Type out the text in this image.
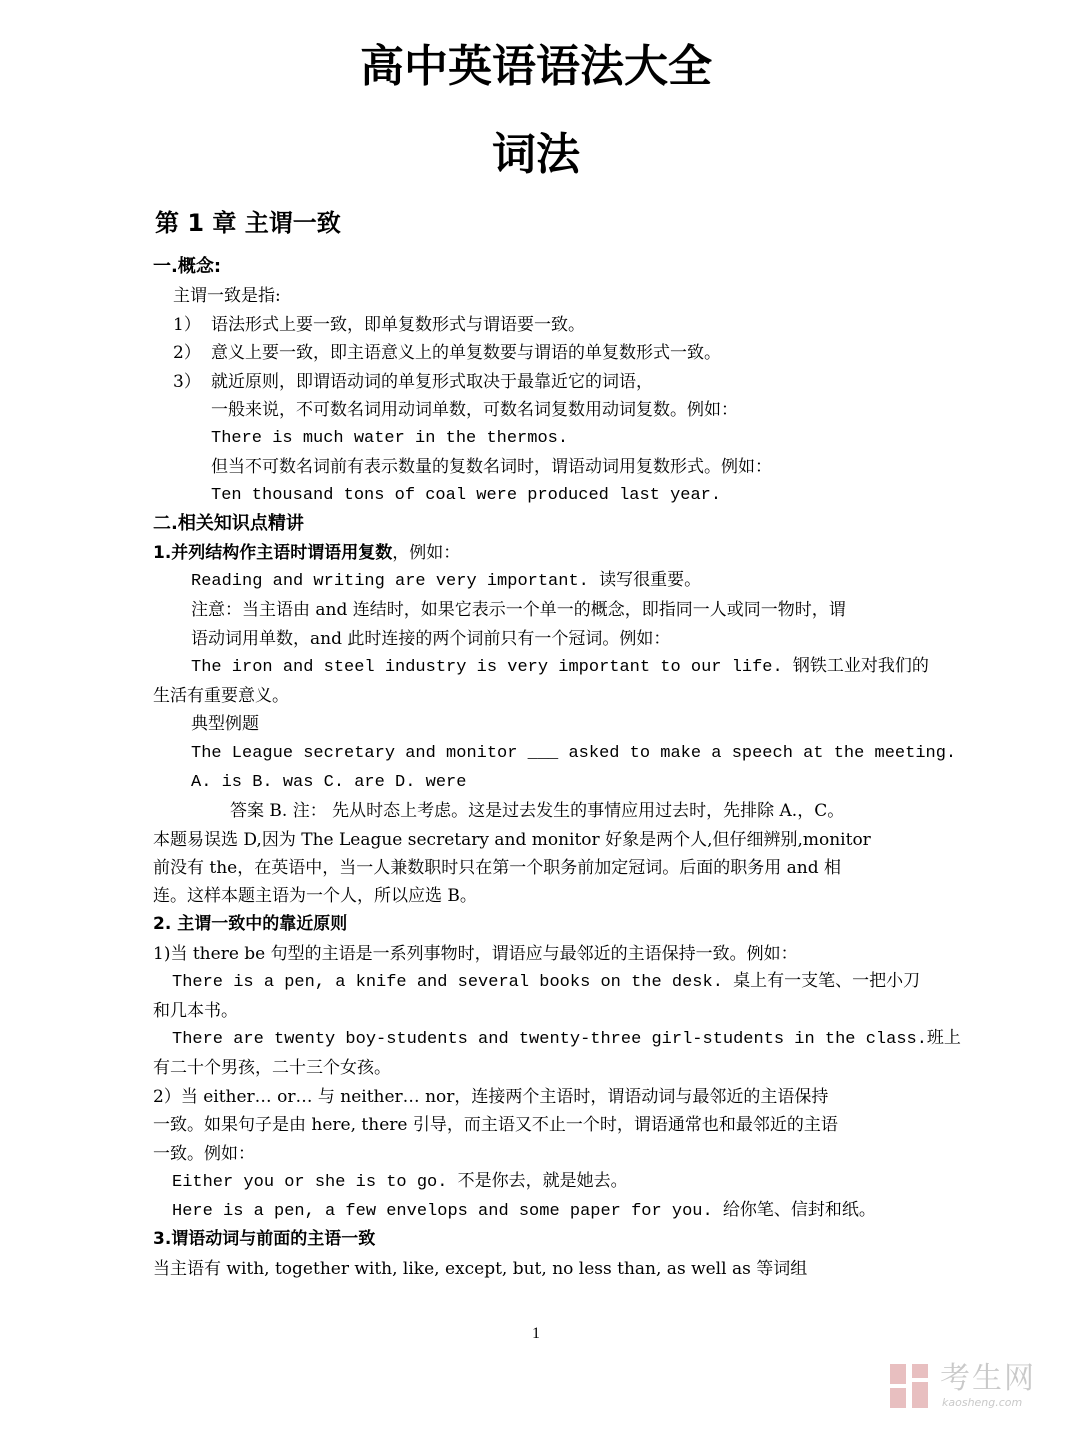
高中英语语法大全
词法
第 1 章 主谓一致
一.概念:
主谓一致是指:
1） 语法形式上要一致，即单复数形式与谓语要一致。
2） 意义上要一致，即主语意义上的单复数要与谓语的单复数形式一致。
3） 就近原则，即谓语动词的单复形式取决于最靠近它的词语，
一般来说，不可数名词用动词单数，可数名词复数用动词复数。例如：
There is much water in the thermos.
但当不可数名词前有表示数量的复数名词时，谓语动词用复数形式。例如：
Ten thousand tons of coal were produced last year.
二.相关知识点精讲
1.并列结构作主语时谓语用复数，例如：
Reading and writing are very important. 读写很重要。
注意：当主语由 and 连结时，如果它表示一个单一的概念，即指同一人或同一物时，谓
语动词用单数，and 此时连接的两个词前只有一个冠词。例如：
The iron and steel industry is very important to our life. 钢铁工业对我们的
生活有重要意义。
典型例题
The League secretary and monitor ___ asked to make a speech at the meeting.
A. is B. was C. are D. were
答案 B. 注： 先从时态上考虑。这是过去发生的事情应用过去时，先排除 A.，C。
本题易误选 D,因为 The League secretary and monitor 好象是两个人,但仔细辨别,monitor
前没有 the，在英语中，当一人兼数职时只在第一个职务前加定冠词。后面的职务用 and 相
连。这样本题主语为一个人，所以应选 B。
2. 主谓一致中的靠近原则
1)当 there be 句型的主语是一系列事物时，谓语应与最邻近的主语保持一致。例如：
There is a pen, a knife and several books on the desk. 桌上有一支笔、一把小刀
和几本书。
There are twenty boy-students and twenty-three girl-students in the class.班上
有二十个男孩，二十三个女孩。
2）当 either… or… 与 neither… nor，连接两个主语时，谓语动词与最邻近的主语保持
一致。如果句子是由 here, there 引导，而主语又不止一个时，谓语通常也和最邻近的主语
一致。例如：
Either you or she is to go. 不是你去，就是她去。
Here is a pen, a few envelops and some paper for you. 给你笔、信封和纸。
3.谓语动词与前面的主语一致
当主语有 with, together with, like, except, but, no less than, as well as 等词组
1
考生网
kaosheng.com
